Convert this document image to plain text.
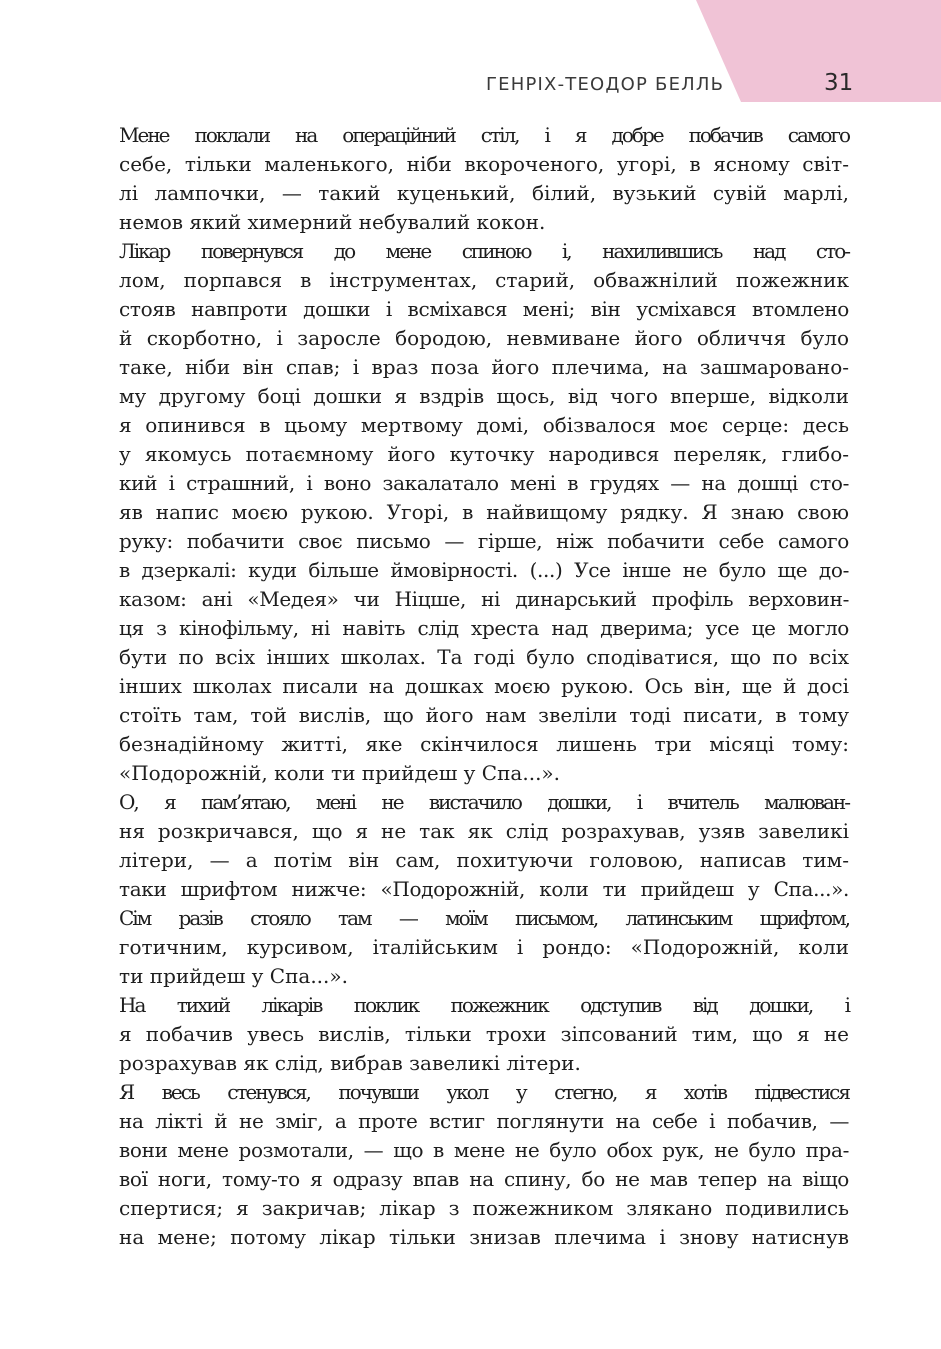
ГЕНРІХ-ТЕОДОР БЕЛЛЬ	31
Мене поклали на операційний стіл, і я добре побачив самого
себе, тільки маленького, ніби вкороченого, угорі, в ясному світ-
лі лампочки, — такий куценький, білий, вузький сувій марлі,
немов який химерний небувалий кокон.
Лікар повернувся до мене спиною і, нахилившись над сто-
лом, порпався в інструментах, старий, обважнілий пожежник
стояв навпроти дошки і всміхався мені; він усміхався втомлено
й скорботно, і заросле бородою, невмиване його обличчя було
таке, ніби він спав; і враз поза його плечима, на зашмаровано-
му другому боці дошки я вздрів щось, від чого вперше, відколи
я опинився в цьому мертвому домі, обізвалося моє серце: десь
у якомусь потаємному його куточку народився переляк, глибо-
кий і страшний, і воно закалатало мені в грудях — на дошці сто-
яв напис моєю рукою. Угорі, в найвищому рядку. Я знаю свою
руку: побачити своє письмо — гірше, ніж побачити себе самого
в дзеркалі: куди більше ймовірності. (...) Усе інше не було ще до-
казом: ані «Медея» чи Ніцше, ні динарський профіль верховин-
ця з кінофільму, ні навіть слід хреста над дверима; усе це могло
бути по всіх інших школах. Та годі було сподіватися, що по всіх
інших школах писали на дошках моєю рукою. Ось він, ще й досі
стоїть там, той вислів, що його нам звеліли тоді писати, в тому
безнадійному житті, яке скінчилося лишень три місяці тому:
«Подорожній, коли ти прийдеш у Спа...».
О, я пам’ятаю, мені не вистачило дошки, і вчитель малюван-
ня розкричався, що я не так як слід розрахував, узяв завеликі
літери, — а потім він сам, похитуючи головою, написав тим-
таки шрифтом нижче: «Подорожній, коли ти прийдеш у Спа...».
Сім разів стояло там — моїм письмом, латинським шрифтом,
готичним, курсивом, італійським і рондо: «Подорожній, коли
ти прийдеш у Спа...».
На тихий лікарів поклик пожежник одступив від дошки, і
я побачив увесь вислів, тільки трохи зіпсований тим, що я не
розрахував як слід, вибрав завеликі літери.
Я весь стенувся, почувши укол у стегно, я хотів підвестися
на лікті й не зміг, а проте встиг поглянути на себе і побачив, —
вони мене розмотали, — що в мене не було обох рук, не було пра-
вої ноги, тому-то я одразу впав на спину, бо не мав тепер на віщо
спертися; я закричав; лікар з пожежником злякано подивились
на мене; потому лікар тільки знизав плечима і знову натиснув
